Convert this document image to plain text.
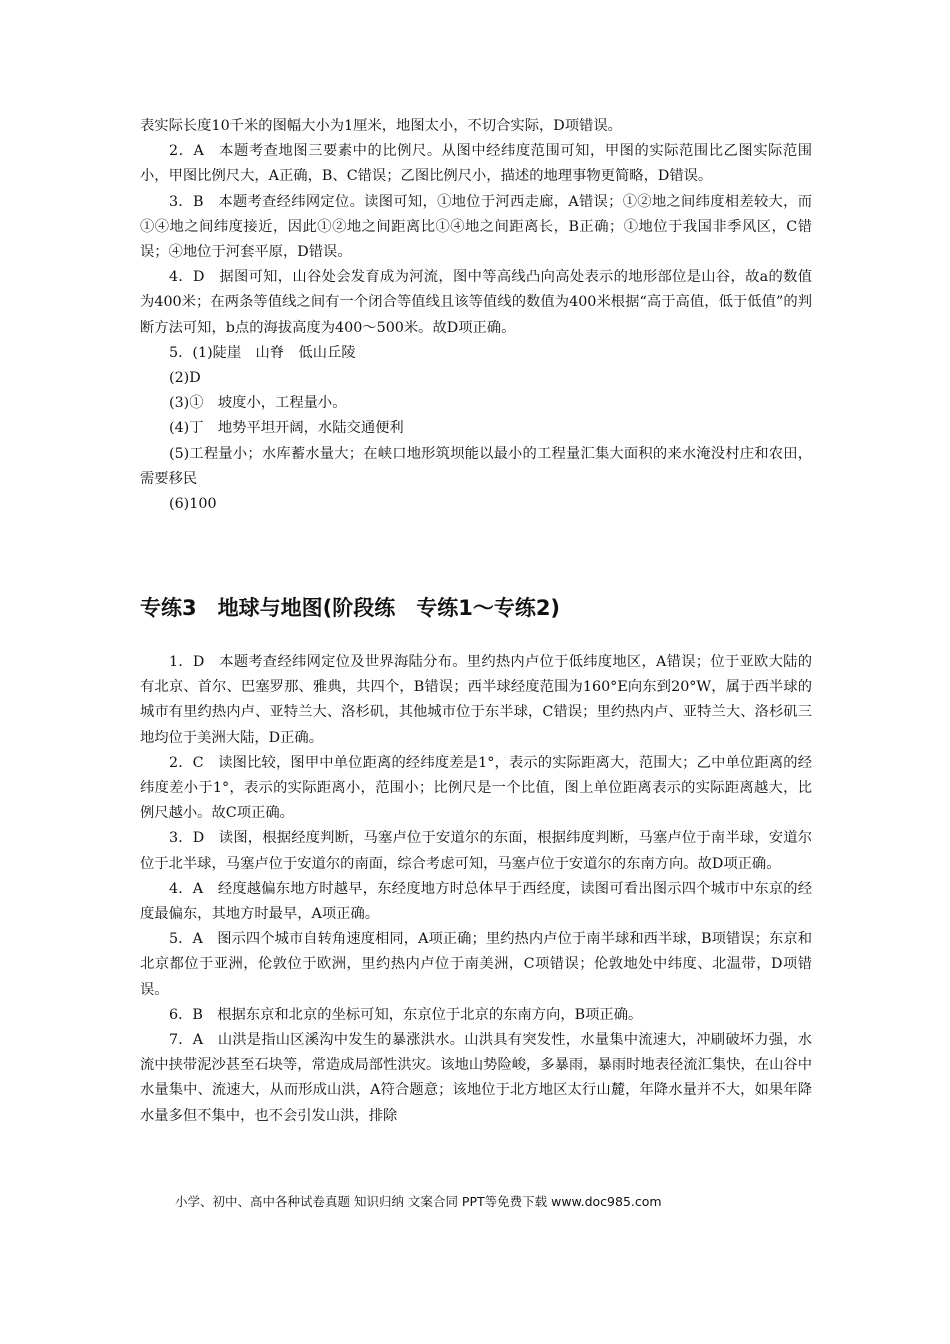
表实际长度10千米的图幅大小为1厘米，地图太小，不切合实际，D项错误。

2．A　本题考查地图三要素中的比例尺。从图中经纬度范围可知，甲图的实际范围比乙图实际范围小，甲图比例尺大，A正确，B、C错误；乙图比例尺小，描述的地理事物更简略，D错误。

3．B　本题考查经纬网定位。读图可知，①地位于河西走廊，A错误；①②地之间纬度相差较大，而①④地之间纬度接近，因此①②地之间距离比①④地之间距离长，B正确；①地位于我国非季风区，C错误；④地位于河套平原，D错误。

4．D　据图可知，山谷处会发育成为河流，图中等高线凸向高处表示的地形部位是山谷，故a的数值为400米；在两条等值线之间有一个闭合等值线且该等值线的数值为400米根据“高于高值，低于低值”的判断方法可知，b点的海拔高度为400～500米。故D项正确。

5．(1)陡崖　山脊　低山丘陵

(2)D

(3)①　坡度小，工程量小。

(4)丁　地势平坦开阔，水陆交通便利

(5)工程量小；水库蓄水量大；在峡口地形筑坝能以最小的工程量汇集大面积的来水淹没村庄和农田，需要移民

(6)100

专练3　地球与地图(阶段练　专练1～专练2)

1．D　本题考查经纬网定位及世界海陆分布。里约热内卢位于低纬度地区，A错误；位于亚欧大陆的有北京、首尔、巴塞罗那、雅典，共四个，B错误；西半球经度范围为160°E向东到20°W，属于西半球的城市有里约热内卢、亚特兰大、洛杉矶，其他城市位于东半球，C错误；里约热内卢、亚特兰大、洛杉矶三地均位于美洲大陆，D正确。

2．C　读图比较，图甲中单位距离的经纬度差是1°，表示的实际距离大，范围大；乙中单位距离的经纬度差小于1°，表示的实际距离小，范围小；比例尺是一个比值，图上单位距离表示的实际距离越大，比例尺越小。故C项正确。

3．D　读图，根据经度判断，马塞卢位于安道尔的东面，根据纬度判断，马塞卢位于南半球，安道尔位于北半球，马塞卢位于安道尔的南面，综合考虑可知，马塞卢位于安道尔的东南方向。故D项正确。

4．A　经度越偏东地方时越早，东经度地方时总体早于西经度，读图可看出图示四个城市中东京的经度最偏东，其地方时最早，A项正确。

5．A　图示四个城市自转角速度相同，A项正确；里约热内卢位于南半球和西半球，B项错误；东京和北京都位于亚洲，伦敦位于欧洲，里约热内卢位于南美洲，C项错误；伦敦地处中纬度、北温带，D项错误。

6．B　根据东京和北京的坐标可知，东京位于北京的东南方向，B项正确。

7．A　山洪是指山区溪沟中发生的暴涨洪水。山洪具有突发性，水量集中流速大，冲刷破坏力强，水流中挟带泥沙甚至石块等，常造成局部性洪灾。该地山势险峻，多暴雨，暴雨时地表径流汇集快，在山谷中水量集中、流速大，从而形成山洪，A符合题意；该地位于北方地区太行山麓，年降水量并不大，如果年降水量多但不集中，也不会引发山洪，排除

小学、初中、高中各种试卷真题 知识归纳 文案合同 PPT等免费下载 www.doc985.com
